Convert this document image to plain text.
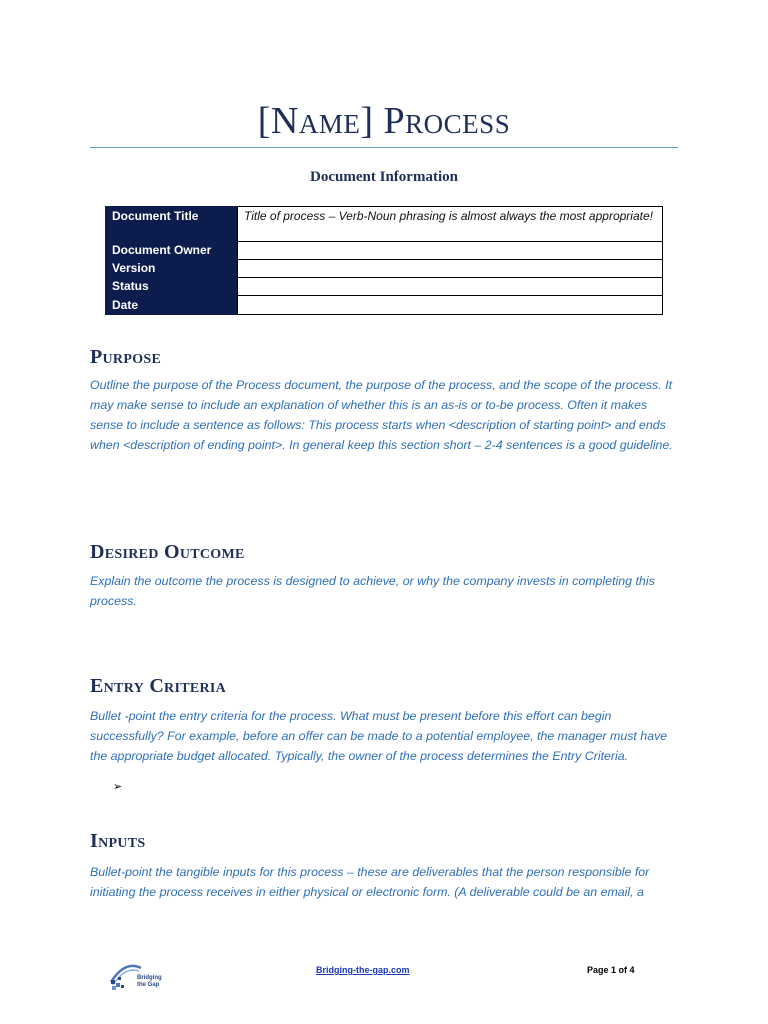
[Name] Process
Document Information
Document Title	Title of process – Verb-Noun phrasing is almost always the most appropriate!
Document Owner	
Version	
Status	
Date	
Purpose

Outline the purpose of the Process document, the purpose of the process, and the scope of the process. It may make sense to include an explanation of whether this is an as-is or to-be process. Often it makes sense to include a sentence as follows: This process starts when <description of starting point> and ends when <description of ending point>. In general keep this section short – 2-4 sentences is a good guideline.

Desired Outcome

Explain the outcome the process is designed to achieve, or why the company invests in completing this process.

Entry Criteria

Bullet -point the entry criteria for the process. What must be present before this effort can begin successfully? For example, before an offer can be made to a potential employee, the manager must have the appropriate budget allocated. Typically, the owner of the process determines the Entry Criteria.

➢
Inputs

Bullet-point the tangible inputs for this process – these are deliverables that the person responsible for initiating the process receives in either physical or electronic form. (A deliverable could be an email, a

Bridging
the Gap
Bridging-the-gap.com	Page 1 of 4
